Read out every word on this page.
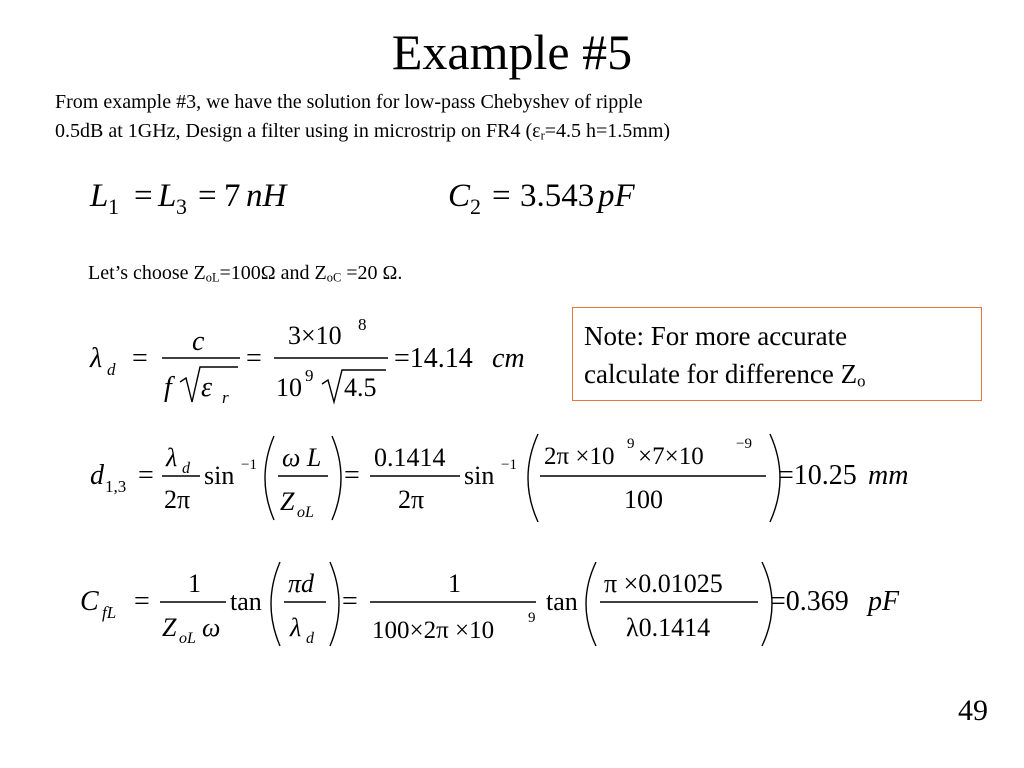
Example #5
From example #3, we have the solution for low-pass Chebyshev of ripple
0.5dB at 1GHz, Design a filter using in microstrip on FR4 ($\varepsilon_r=4.5$ h=1.5mm)
L 1 = L 3 = 7 nH	C 2 = 3.543 pF
Let’s choose $Z_{oL}=100\Omega$ and $Z_{oC} =20$ Ω.
Note: For more accurate
calculate for difference $Z_o$
λ d =
c
f ε r
=
3×10 8
10 9 4.5
=14.14 cm
d 1,3 =
λ d
2π
sin −1 ω L
Z oL
=
0.1414
2π
sin −1 2π ×10 9 ×7×10 −9
100
=10.25 mm
C fL =
1
Z oL ω
tan
πd
λ d
=
1
100×2π ×10 9
tan
π ×0.01025
λ0.1414
=0.369 pF
49
